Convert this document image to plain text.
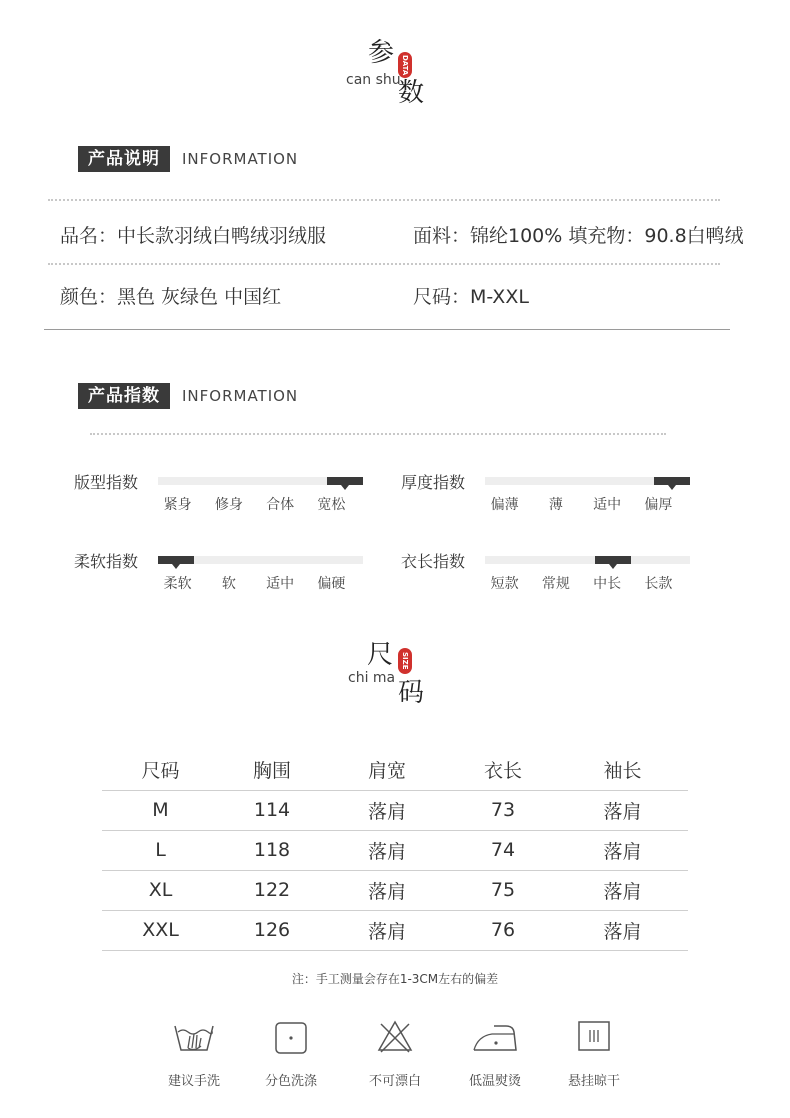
参 DATA
can shu
数
产品说明	INFORMATION
品名：中长款羽绒白鸭绒羽绒服	面料：锦纶100% 填充物：90.8白鸭绒
颜色：黑色 灰绿色 中国红	尺码：M-XXL
产品指数	INFORMATION
版型指数
紧身	修身	合体	宽松
厚度指数
偏薄	薄	适中	偏厚
柔软指数
柔软	软	适中	偏硬
衣长指数
短款	常规	中长	长款
尺	SIZE
chi ma 码
尺码	胸围	肩宽	衣长	袖长
M	114	落肩	73	落肩
L	118	落肩	74	落肩
XL	122	落肩	75	落肩
XXL	126	落肩	76	落肩
注：手工测量会存在1-3CM左右的偏差
建议手洗	分色洗涤	不可漂白	低温熨烫	悬挂晾干
